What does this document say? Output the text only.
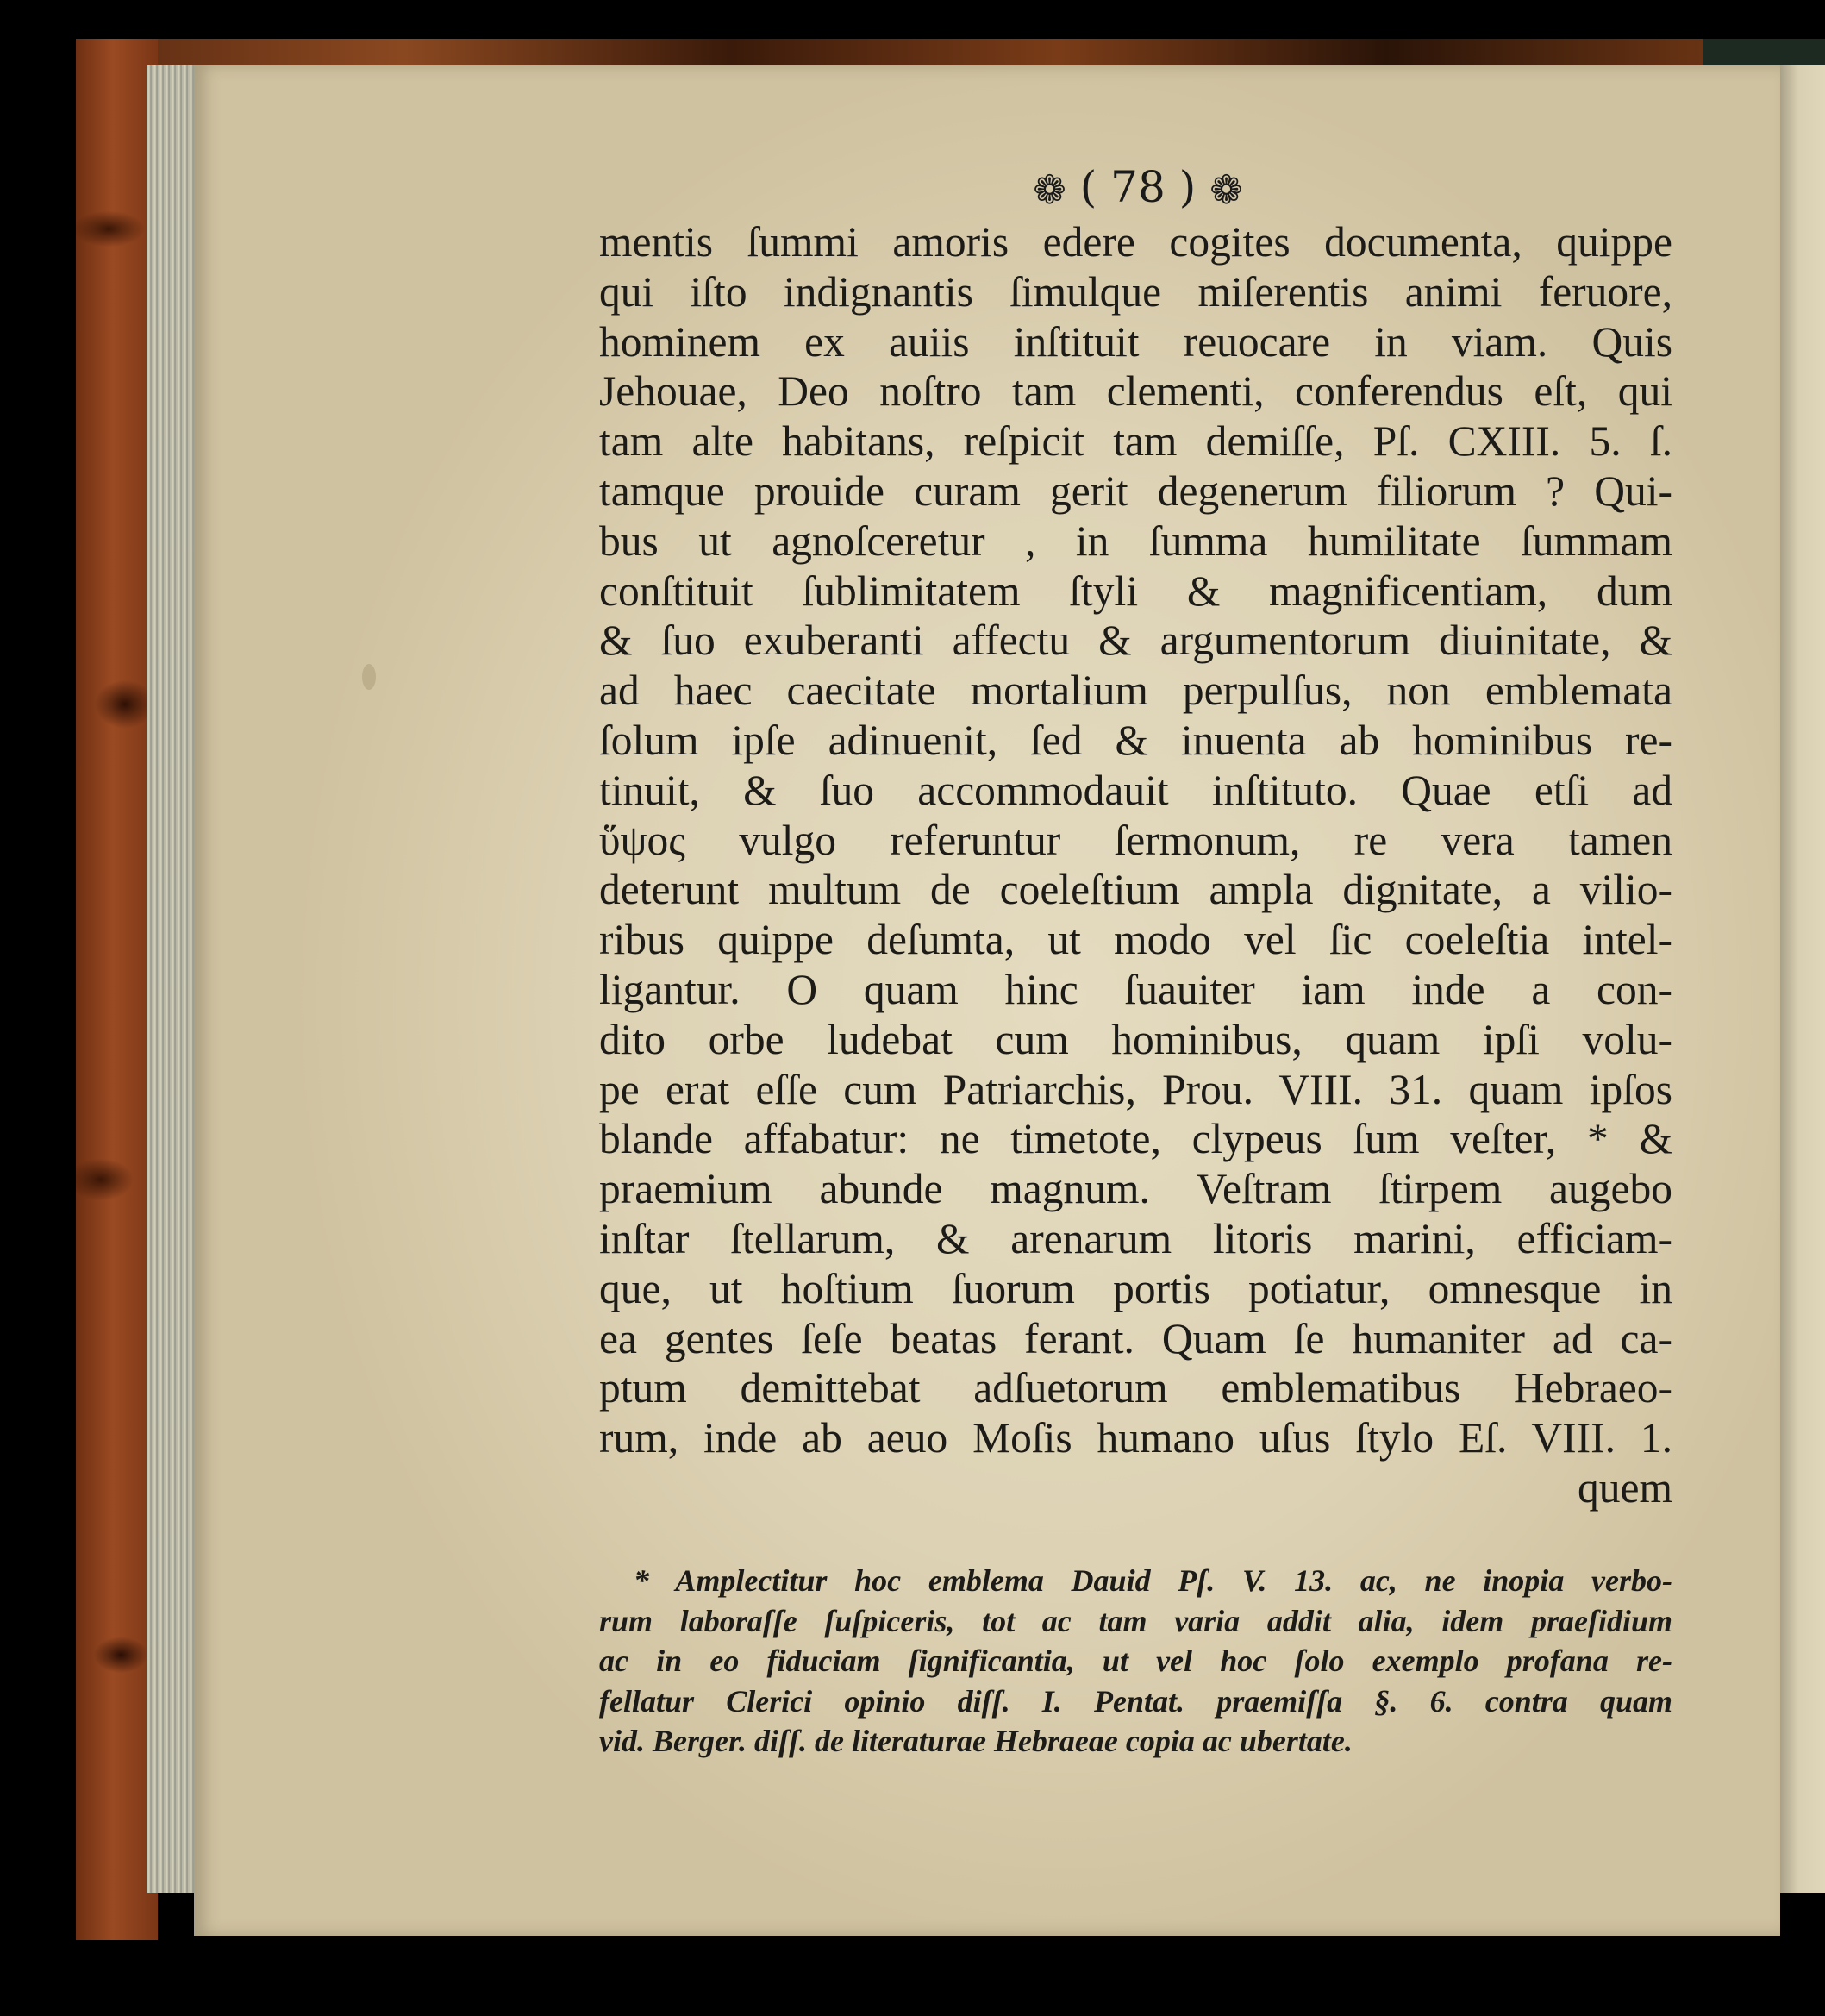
❁ ( 78 ) ❁
mentis ſummi amoris edere cogites documenta, quippe
qui iſto indignantis ſimulque miſerentis animi feruore,
hominem ex auiis inſtituit reuocare in viam. Quis
Jehouae, Deo noſtro tam clementi, conferendus eſt, qui
tam alte habitans, reſpicit tam demiſſe, Pſ. CXIII. 5. ſ.
tamque prouide curam gerit degenerum filiorum ? Qui-
bus ut agnoſceretur , in ſumma humilitate ſummam
conſtituit ſublimitatem ſtyli & magnificentiam, dum
& ſuo exuberanti affectu & argumentorum diuinitate, &
ad haec caecitate mortalium perpulſus, non emblemata
ſolum ipſe adinuenit, ſed & inuenta ab hominibus re-
tinuit, & ſuo accommodauit inſtituto. Quae etſi ad
ὕψος vulgo referuntur ſermonum, re vera tamen
deterunt multum de coeleſtium ampla dignitate, a vilio-
ribus quippe deſumta, ut modo vel ſic coeleſtia intel-
ligantur. O quam hinc ſuauiter iam inde a con-
dito orbe ludebat cum hominibus, quam ipſi volu-
pe erat eſſe cum Patriarchis, Prou. VIII. 31. quam ipſos
blande affabatur: ne timetote, clypeus ſum veſter, * &
praemium abunde magnum. Veſtram ſtirpem augebo
inſtar ſtellarum, & arenarum litoris marini, efficiam-
que, ut hoſtium ſuorum portis potiatur, omnesque in
ea gentes ſeſe beatas ferant. Quam ſe humaniter ad ca-
ptum demittebat adſuetorum emblematibus Hebraeo-
rum, inde ab aeuo Moſis humano uſus ſtylo Eſ. VIII. 1.
quem
* Amplectitur hoc emblema Dauid Pſ. V. 13. ac, ne inopia verbo-
rum laboraſſe ſuſpiceris, tot ac tam varia addit alia, idem praeſidium
ac in eo fiduciam ſignificantia, ut vel hoc ſolo exemplo profana re-
fellatur Clerici opinio diſſ. I. Pentat. praemiſſa §. 6. contra quam
vid. Berger. diſſ. de literaturae Hebraeae copia ac ubertate.
